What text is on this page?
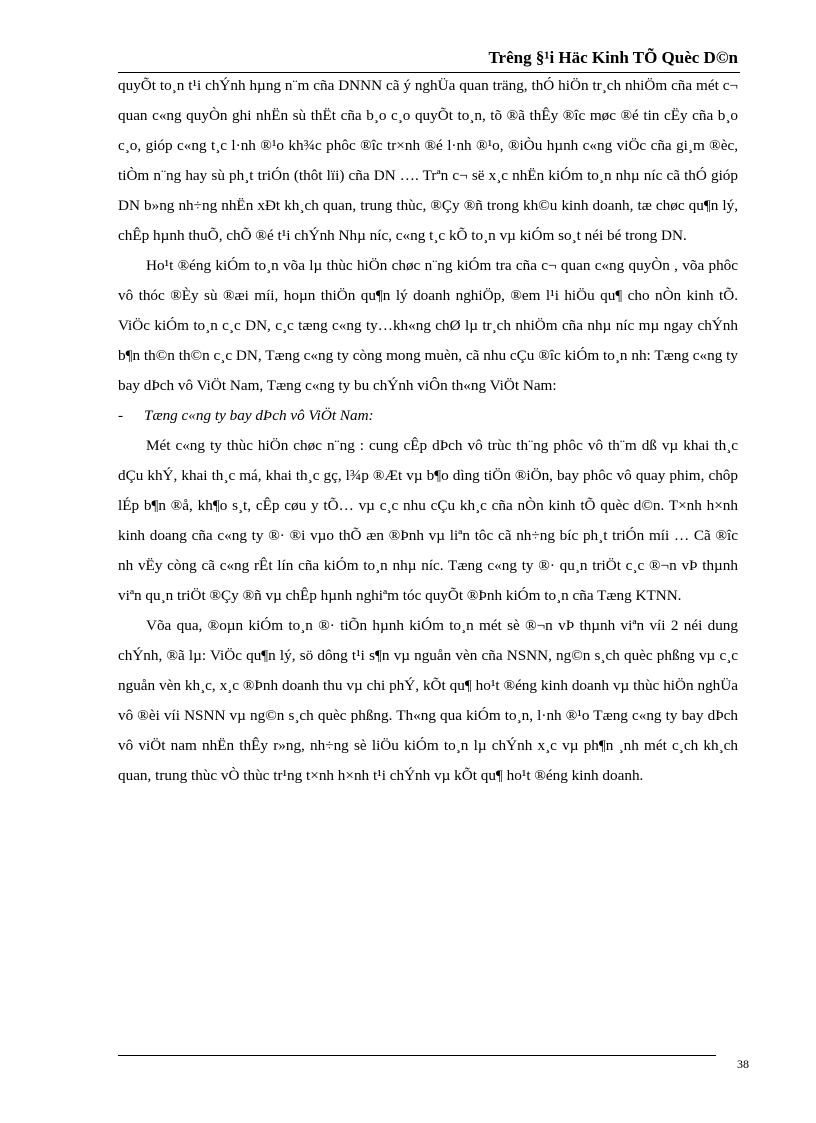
Trêng §¹i Häc Kinh TÕ Quèc D©n

quyÕt to¸n t¹i chÝnh hµng n¨m cña DNNN cã ý nghÜa quan träng, thÓ hiÖn tr¸ch nhiÖm cña mét c¬ quan c«ng quyÒn ghi nhËn sù thËt cña b¸o c¸o quyÕt to¸n, tõ ®ã thÊy ®îc møc ®é tin cËy cña b¸o c¸o, gióp c«ng t¸c l·nh ®¹o kh¾c phôc ®îc tr×nh ®é l·nh ®¹o, ®iÒu hµnh c«ng viÖc cña gi¸m ®èc, tiÒm n¨ng hay sù ph¸t triÓn (thôt lïi) cña DN …. Trªn c¬ së x¸c nhËn kiÓm to¸n nhµ níc cã thÓ gióp DN b»ng nh÷ng nhËn xÐt kh¸ch quan, trung thùc, ®Çy ®ñ trong kh©u kinh doanh, tæ chøc qu¶n lý, chÊp hµnh thuÕ, chÕ ®é t¹i chÝnh Nhµ níc, c«ng t¸c kÕ to¸n vµ kiÓm so¸t néi bé trong DN.

Ho¹t ®éng kiÓm to¸n võa lµ thùc hiÖn chøc n¨ng kiÓm tra cña c¬ quan c«ng quyÒn , võa phôc vô thóc ®Èy sù ®æi míi, hoµn thiÖn qu¶n lý doanh nghiÖp, ®em l¹i hiÖu qu¶ cho nÒn kinh tÕ. ViÖc kiÓm to¸n c¸c DN, c¸c tæng c«ng ty…kh«ng chØ lµ tr¸ch nhiÖm cña nhµ níc mµ ngay chÝnh b¶n th©n th©n c¸c DN, Tæng c«ng ty còng mong muèn, cã nhu cÇu ®îc kiÓm to¸n nh: Tæng c«ng ty bay dÞch vô ViÖt Nam, Tæng c«ng ty bu chÝnh viÔn th«ng ViÖt Nam:

- Tæng c«ng ty bay dÞch vô ViÖt Nam:

Mét c«ng ty thùc hiÖn chøc n¨ng : cung cÊp dÞch vô trùc th¨ng phôc vô th¨m dß vµ khai th¸c dÇu khÝ, khai th¸c má, khai th¸c gç, l¾p ®Æt vµ b¶o dìng tiÖn ®iÖn, bay phôc vô quay phim, chôp lÉp b¶n ®å, kh¶o s¸t, cÊp cøu y tÕ… vµ c¸c nhu cÇu kh¸c cña nÒn kinh tÕ quèc d©n. T×nh h×nh kinh doang cña c«ng ty ®· ®i vµo thÕ æn ®Þnh vµ liªn tôc cã nh÷ng bíc ph¸t triÓn míi … Cã ®îc nh vËy còng cã c«ng rÊt lín cña kiÓm to¸n nhµ níc. Tæng c«ng ty ®· qu¸n triÖt c¸c ®¬n vÞ thµnh viªn qu¸n triÖt ®Çy ®ñ vµ chÊp hµnh nghiªm tóc quyÕt ®Þnh kiÓm to¸n cña Tæng KTNN.

Võa qua, ®oµn kiÓm to¸n ®· tiÕn hµnh kiÓm to¸n mét sè ®¬n vÞ thµnh viªn víi 2 néi dung chÝnh, ®ã lµ: ViÖc qu¶n lý, sö dông t¹i s¶n vµ nguån vèn cña NSNN, ng©n s¸ch quèc phßng vµ c¸c nguån vèn kh¸c, x¸c ®Þnh doanh thu vµ chi phÝ, kÕt qu¶ ho¹t ®éng kinh doanh vµ thùc hiÖn nghÜa vô ®èi víi NSNN vµ ng©n s¸ch quèc phßng. Th«ng qua kiÓm to¸n, l·nh ®¹o Tæng c«ng ty bay dÞch vô viÖt nam nhËn thÊy r»ng, nh÷ng sè liÖu kiÓm to¸n lµ chÝnh x¸c vµ ph¶n ¸nh mét c¸ch kh¸ch quan, trung thùc vÒ thùc tr¹ng t×nh h×nh t¹i chÝnh vµ kÕt qu¶ ho¹t ®éng kinh doanh.

38
